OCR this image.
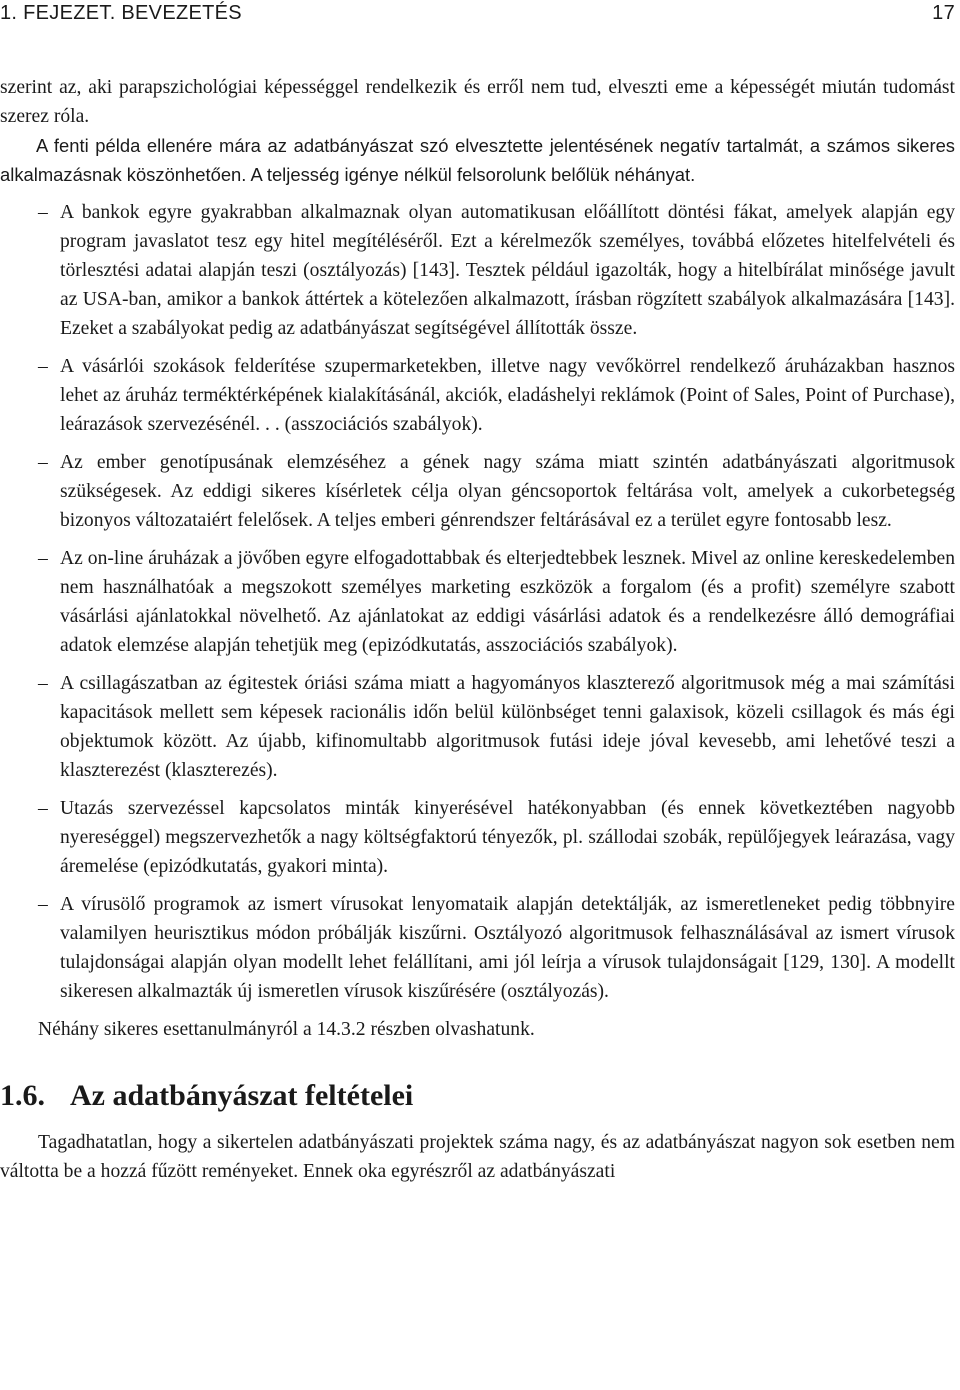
1. FEJEZET. BEVEZETÉS	17

szerint az, aki parapszichológiai képességgel rendelkezik és erről nem tud, elveszti eme a képességét miután tudomást szerez róla.

A fenti példa ellenére mára az adatbányászat szó elvesztette jelentésének negatív tartalmát, a számos sikeres alkalmazásnak köszönhetően. A teljesség igénye nélkül felsorolunk belőlük néhányat.

– A bankok egyre gyakrabban alkalmaznak olyan automatikusan előállított döntési fákat, amelyek alapján egy program javaslatot tesz egy hitel megítéléséről. Ezt a kérelmezők személyes, továbbá előzetes hitelfelvételi és törlesztési adatai alapján teszi (osztályozás) [143]. Tesztek például igazolták, hogy a hitelbírálat minősége javult az USA-ban, amikor a bankok áttértek a kötelezően alkalmazott, írásban rögzített szabályok alkalmazására [143]. Ezeket a szabályokat pedig az adatbányászat segítségével állították össze.
– A vásárlói szokások felderítése szupermarketekben, illetve nagy vevőkörrel rendelkező áruházakban hasznos lehet az áruház terméktérképének kialakításánál, akciók, eladáshelyi reklámok (Point of Sales, Point of Purchase), leárazások szervezésénél. . . (asszociációs szabályok).
– Az ember genotípusának elemzéséhez a gének nagy száma miatt szintén adatbányászati algoritmusok szükségesek. Az eddigi sikeres kísérletek célja olyan géncsoportok feltárása volt, amelyek a cukorbetegség bizonyos változataiért felelősek. A teljes emberi génrendszer feltárásával ez a terület egyre fontosabb lesz.
– Az on-line áruházak a jövőben egyre elfogadottabbak és elterjedtebbek lesznek. Mivel az online kereskedelemben nem használhatóak a megszokott személyes marketing eszközök a forgalom (és a profit) személyre szabott vásárlási ajánlatokkal növelhető. Az ajánlatokat az eddigi vásárlási adatok és a rendelkezésre álló demográfiai adatok elemzése alapján tehetjük meg (epizódkutatás, asszociációs szabályok).
– A csillagászatban az égitestek óriási száma miatt a hagyományos klaszterező algoritmusok még a mai számítási kapacitások mellett sem képesek racionális időn belül különbséget tenni galaxisok, közeli csillagok és más égi objektumok között. Az újabb, kifinomultabb algoritmusok futási ideje jóval kevesebb, ami lehetővé teszi a klaszterezést (klaszterezés).
– Utazás szervezéssel kapcsolatos minták kinyerésével hatékonyabban (és ennek következtében nagyobb nyereséggel) megszervezhetők a nagy költségfaktorú tényezők, pl. szállodai szobák, repülőjegyek leárazása, vagy áremelése (epizódkutatás, gyakori minta).
– A vírusölő programok az ismert vírusokat lenyomataik alapján detektálják, az ismeretleneket pedig többnyire valamilyen heurisztikus módon próbálják kiszűrni. Osztályozó algoritmusok felhasználásával az ismert vírusok tulajdonságai alapján olyan modellt lehet felállítani, ami jól leírja a vírusok tulajdonságait [129, 130]. A modellt sikeresen alkalmazták új ismeretlen vírusok kiszűrésére (osztályozás).

Néhány sikeres esettanulmányról a 14.3.2 részben olvashatunk.

1.6. Az adatbányászat feltételei

Tagadhatatlan, hogy a sikertelen adatbányászati projektek száma nagy, és az adatbányászat nagyon sok esetben nem váltotta be a hozzá fűzött reményeket. Ennek oka egyrészről az adatbányászati
